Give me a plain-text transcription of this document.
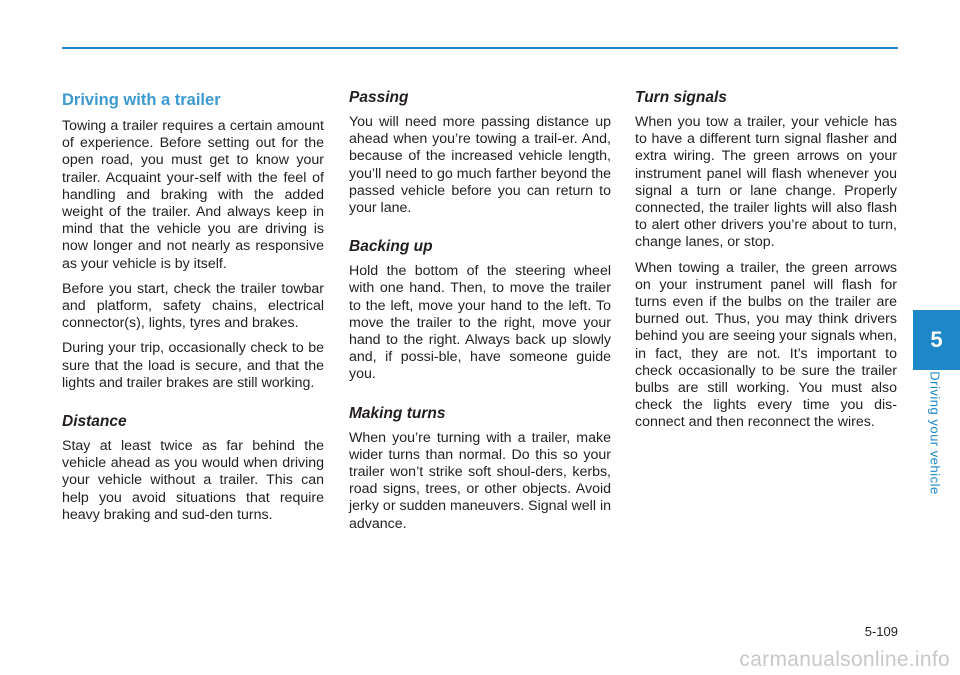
Driving with a trailer

Towing a trailer requires a certain amount of experience. Before setting out for the open road, you must get to know your trailer. Acquaint your-self with the feel of handling and braking with the added weight of the trailer. And always keep in mind that the vehicle you are driving is now longer and not nearly as responsive as your vehicle is by itself.

Before you start, check the trailer towbar and platform, safety chains, electrical connector(s), lights, tyres and brakes.

During your trip, occasionally check to be sure that the load is secure, and that the lights and trailer brakes are still working.

Distance

Stay at least twice as far behind the vehicle ahead as you would when driving your vehicle without a trailer. This can help you avoid situations that require heavy braking and sud-den turns.

Passing

You will need more passing distance up ahead when you’re towing a trail-er. And, because of the increased vehicle length, you’ll need to go much farther beyond the passed vehicle before you can return to your lane.

Backing up

Hold the bottom of the steering wheel with one hand. Then, to move the trailer to the left, move your hand to the left. To move the trailer to the right, move your hand to the right. Always back up slowly and, if possi-ble, have someone guide you.

Making turns

When you’re turning with a trailer, make wider turns than normal. Do this so your trailer won’t strike soft shoul-ders, kerbs, road signs, trees, or other objects. Avoid jerky or sudden maneuvers. Signal well in advance.

Turn signals

When you tow a trailer, your vehicle has to have a different turn signal flasher and extra wiring. The green arrows on your instrument panel will flash whenever you signal a turn or lane change. Properly connected, the trailer lights will also flash to alert other drivers you’re about to turn, change lanes, or stop.

When towing a trailer, the green arrows on your instrument panel will flash for turns even if the bulbs on the trailer are burned out. Thus, you may think drivers behind you are seeing your signals when, in fact, they are not. It’s important to check occasionally to be sure the trailer bulbs are still working. You must also check the lights every time you dis-connect and then reconnect the wires.

5

Driving your vehicle
5-109
carmanualsonline.info
